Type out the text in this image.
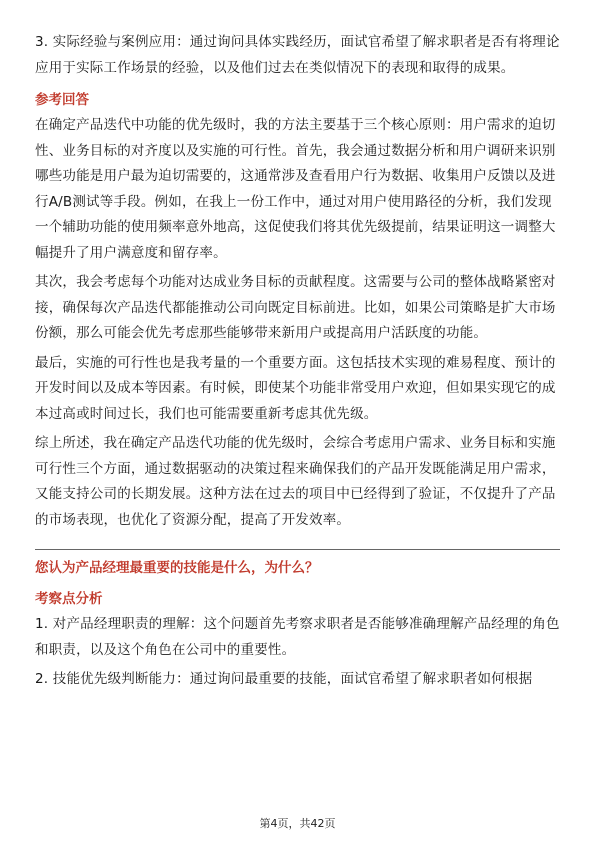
3. 实际经验与案例应用：通过询问具体实践经历，面试官希望了解求职者是否有将理论应用于实际工作场景的经验，以及他们过去在类似情况下的表现和取得的成果。

参考回答

在确定产品迭代中功能的优先级时，我的方法主要基于三个核心原则：用户需求的迫切性、业务目标的对齐度以及实施的可行性。首先，我会通过数据分析和用户调研来识别哪些功能是用户最为迫切需要的，这通常涉及查看用户行为数据、收集用户反馈以及进行A/B测试等手段。例如，在我上一份工作中，通过对用户使用路径的分析，我们发现一个辅助功能的使用频率意外地高，这促使我们将其优先级提前，结果证明这一调整大幅提升了用户满意度和留存率。

其次，我会考虑每个功能对达成业务目标的贡献程度。这需要与公司的整体战略紧密对接，确保每次产品迭代都能推动公司向既定目标前进。比如，如果公司策略是扩大市场份额，那么可能会优先考虑那些能够带来新用户或提高用户活跃度的功能。

最后，实施的可行性也是我考量的一个重要方面。这包括技术实现的难易程度、预计的开发时间以及成本等因素。有时候，即使某个功能非常受用户欢迎，但如果实现它的成本过高或时间过长，我们也可能需要重新考虑其优先级。

综上所述，我在确定产品迭代功能的优先级时，会综合考虑用户需求、业务目标和实施可行性三个方面，通过数据驱动的决策过程来确保我们的产品开发既能满足用户需求，又能支持公司的长期发展。这种方法在过去的项目中已经得到了验证，不仅提升了产品的市场表现，也优化了资源分配，提高了开发效率。

您认为产品经理最重要的技能是什么，为什么？
考察点分析

1. 对产品经理职责的理解：这个问题首先考察求职者是否能够准确理解产品经理的角色和职责，以及这个角色在公司中的重要性。

2. 技能优先级判断能力：通过询问最重要的技能，面试官希望了解求职者如何根据

第4页，共42页
